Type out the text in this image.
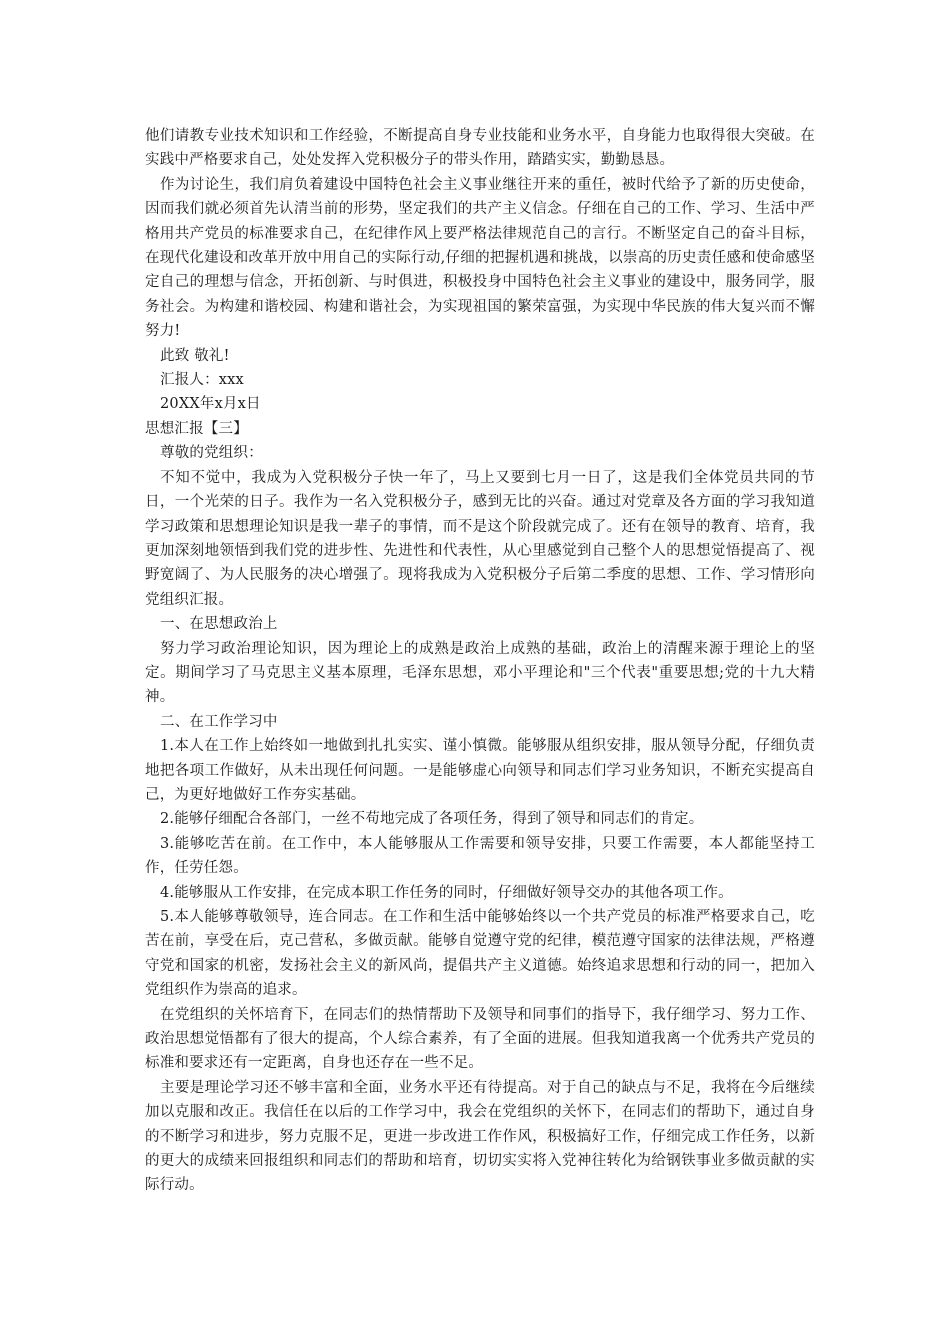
他们请教专业技术知识和工作经验，不断提高自身专业技能和业务水平，自身能力也取得很大突破。在实践中严格要求自己，处处发挥入党积极分子的带头作用，踏踏实实，勤勤恳恳。

作为讨论生，我们肩负着建设中国特色社会主义事业继往开来的重任，被时代给予了新的历史使命，因而我们就必须首先认清当前的形势，坚定我们的共产主义信念。仔细在自己的工作、学习、生活中严格用共产党员的标准要求自己，在纪律作风上要严格法律规范自己的言行。不断坚定自己的奋斗目标，在现代化建设和改革开放中用自己的实际行动,仔细的把握机遇和挑战，以崇高的历史责任感和使命感坚定自己的理想与信念，开拓创新、与时俱进，积极投身中国特色社会主义事业的建设中，服务同学，服务社会。为构建和谐校园、构建和谐社会，为实现祖国的繁荣富强，为实现中华民族的伟大复兴而不懈努力!

此致 敬礼!

汇报人：xxx

20XX年x月x日

思想汇报【三】

尊敬的党组织：

不知不觉中，我成为入党积极分子快一年了，马上又要到七月一日了，这是我们全体党员共同的节日，一个光荣的日子。我作为一名入党积极分子，感到无比的兴奋。通过对党章及各方面的学习我知道学习政策和思想理论知识是我一辈子的事情，而不是这个阶段就完成了。还有在领导的教育、培育，我更加深刻地领悟到我们党的进步性、先进性和代表性，从心里感觉到自己整个人的思想觉悟提高了、视野宽阔了、为人民服务的决心增强了。现将我成为入党积极分子后第二季度的思想、工作、学习情形向党组织汇报。

一、在思想政治上

努力学习政治理论知识，因为理论上的成熟是政治上成熟的基础，政治上的清醒来源于理论上的坚定。期间学习了马克思主义基本原理，毛泽东思想，邓小平理论和"三个代表"重要思想;党的十九大精神。

二、在工作学习中

1.本人在工作上始终如一地做到扎扎实实、谨小慎微。能够服从组织安排，服从领导分配，仔细负责地把各项工作做好，从未出现任何问题。一是能够虚心向领导和同志们学习业务知识，不断充实提高自己，为更好地做好工作夯实基础。

2.能够仔细配合各部门，一丝不苟地完成了各项任务，得到了领导和同志们的肯定。

3.能够吃苦在前。在工作中，本人能够服从工作需要和领导安排，只要工作需要，本人都能坚持工作，任劳任怨。

4.能够服从工作安排，在完成本职工作任务的同时，仔细做好领导交办的其他各项工作。

5.本人能够尊敬领导，连合同志。在工作和生活中能够始终以一个共产党员的标准严格要求自己，吃苦在前，享受在后，克己营私，多做贡献。能够自觉遵守党的纪律，模范遵守国家的法律法规，严格遵守党和国家的机密，发扬社会主义的新风尚，提倡共产主义道德。始终追求思想和行动的同一，把加入党组织作为崇高的追求。

在党组织的关怀培育下，在同志们的热情帮助下及领导和同事们的指导下，我仔细学习、努力工作、政治思想觉悟都有了很大的提高，个人综合素养，有了全面的进展。但我知道我离一个优秀共产党员的标准和要求还有一定距离，自身也还存在一些不足。

主要是理论学习还不够丰富和全面，业务水平还有待提高。对于自己的缺点与不足，我将在今后继续加以克服和改正。我信任在以后的工作学习中，我会在党组织的关怀下，在同志们的帮助下，通过自身的不断学习和进步，努力克服不足，更进一步改进工作作风，积极搞好工作，仔细完成工作任务，以新的更大的成绩来回报组织和同志们的帮助和培育，切切实实将入党神往转化为给钢铁事业多做贡献的实际行动。
